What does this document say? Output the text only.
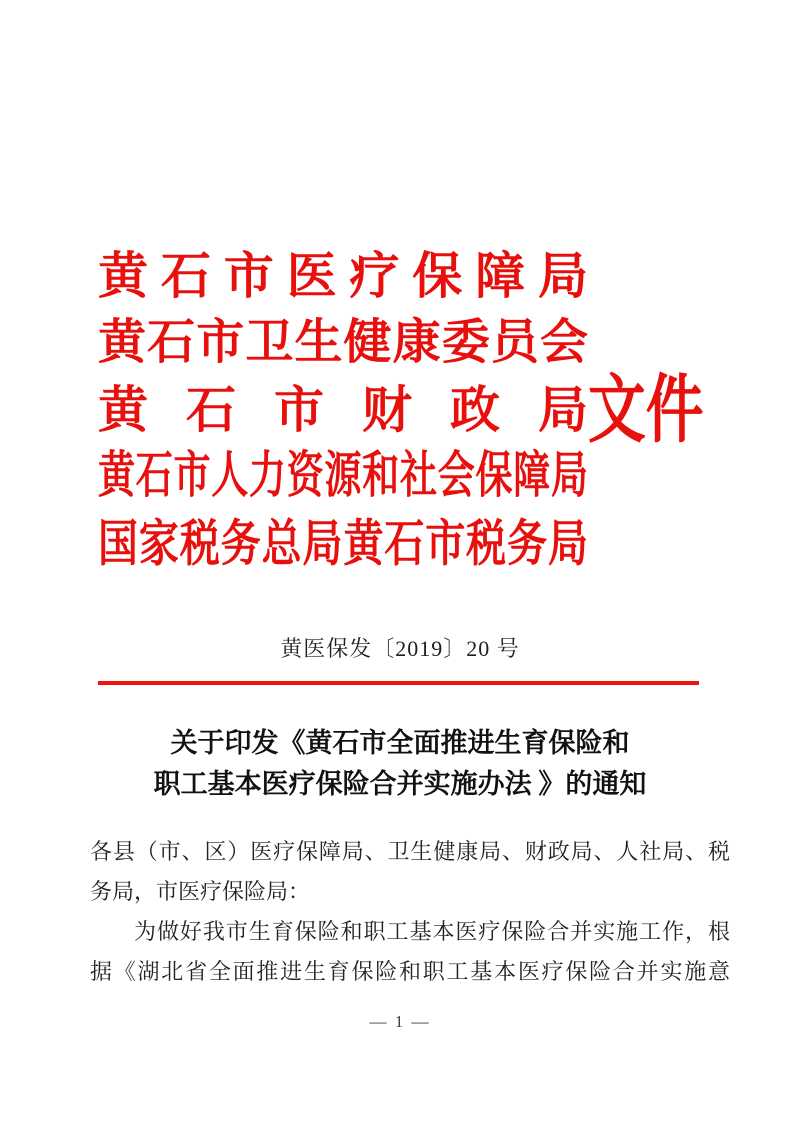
黄石市医疗保障局
黄石市卫生健康委员会
黄石市财政局
黄石市人力资源和社会保障局
国家税务总局黄石市税务局
文件
黄医保发〔2019〕20 号
关于印发《黄石市全面推进生育保险和
职工基本医疗保险合并实施办法 》的通知
各县（市、区）医疗保障局、卫生健康局、财政局、人社局、税
务局，市医疗保险局：
为做好我市生育保险和职工基本医疗保险合并实施工作，根
据《湖北省全面推进生育保险和职工基本医疗保险合并实施意
— 1 —
